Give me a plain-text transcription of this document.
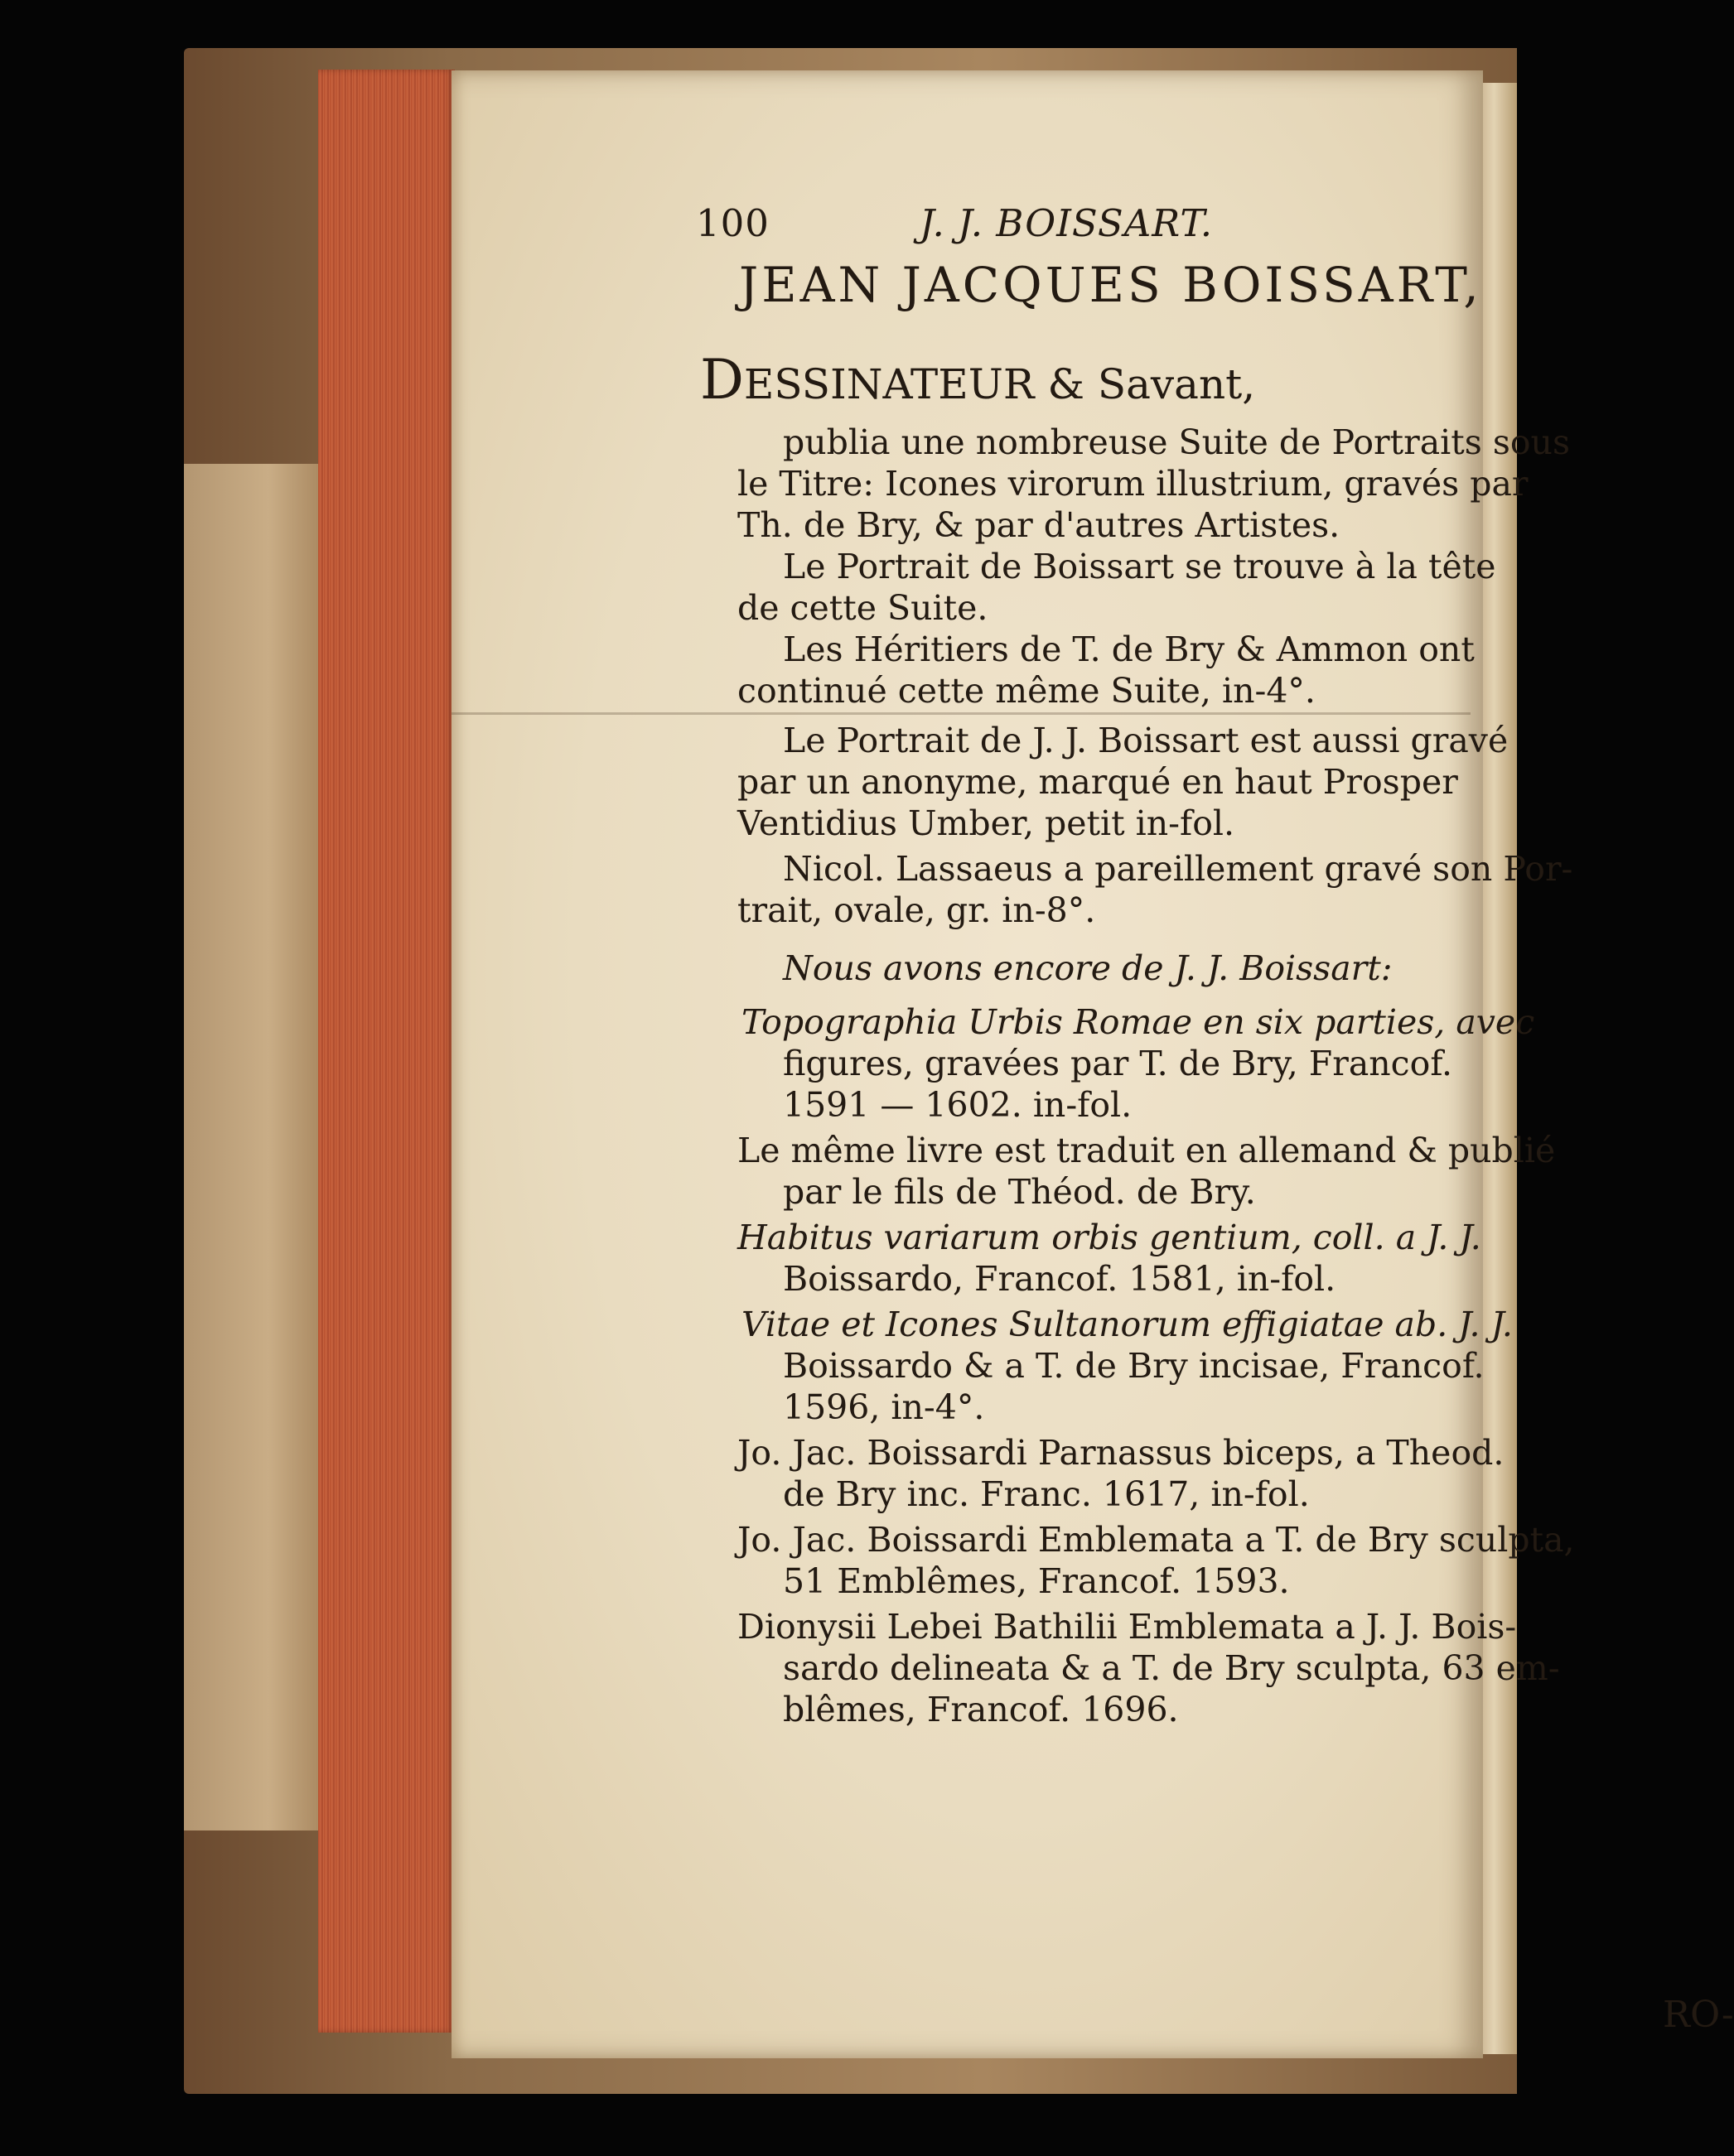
100	J. J. BOISSART.
JEAN JACQUES BOISSART,
DESSINATEUR & Savant,
publia une nombreuse Suite de Portraits sous
le Titre: Icones virorum illustrium, gravés par
Th. de Bry, & par d'autres Artistes.
Le Portrait de Boissart se trouve à la tête
de cette Suite.
Les Héritiers de T. de Bry & Ammon ont
continué cette même Suite, in-4°.
Le Portrait de J. J. Boissart est aussi gravé
par un anonyme, marqué en haut Prosper
Ventidius Umber, petit in-fol.
Nicol. Lassaeus a pareillement gravé son Por-
trait, ovale, gr. in-8°.
Nous avons encore de J. J. Boissart:
Topographia Urbis Romae en six parties, avec
figures, gravées par T. de Bry, Francof.
1591 — 1602. in-fol.
Le même livre est traduit en allemand & publié
par le fils de Théod. de Bry.
Habitus variarum orbis gentium, coll. a J. J.
Boissardo, Francof. 1581, in-fol.
Vitae et Icones Sultanorum effigiatae ab. J. J.
Boissardo & a T. de Bry incisae, Francof.
1596, in-4°.
Jo. Jac. Boissardi Parnassus biceps, a Theod.
de Bry inc. Franc. 1617, in-fol.
Jo. Jac. Boissardi Emblemata a T. de Bry sculpta,
51 Emblêmes, Francof. 1593.
Dionysii Lebei Bathilii Emblemata a J. J. Bois-
sardo delineata & a T. de Bry sculpta, 63 em-
blêmes, Francof. 1696.
RO-
